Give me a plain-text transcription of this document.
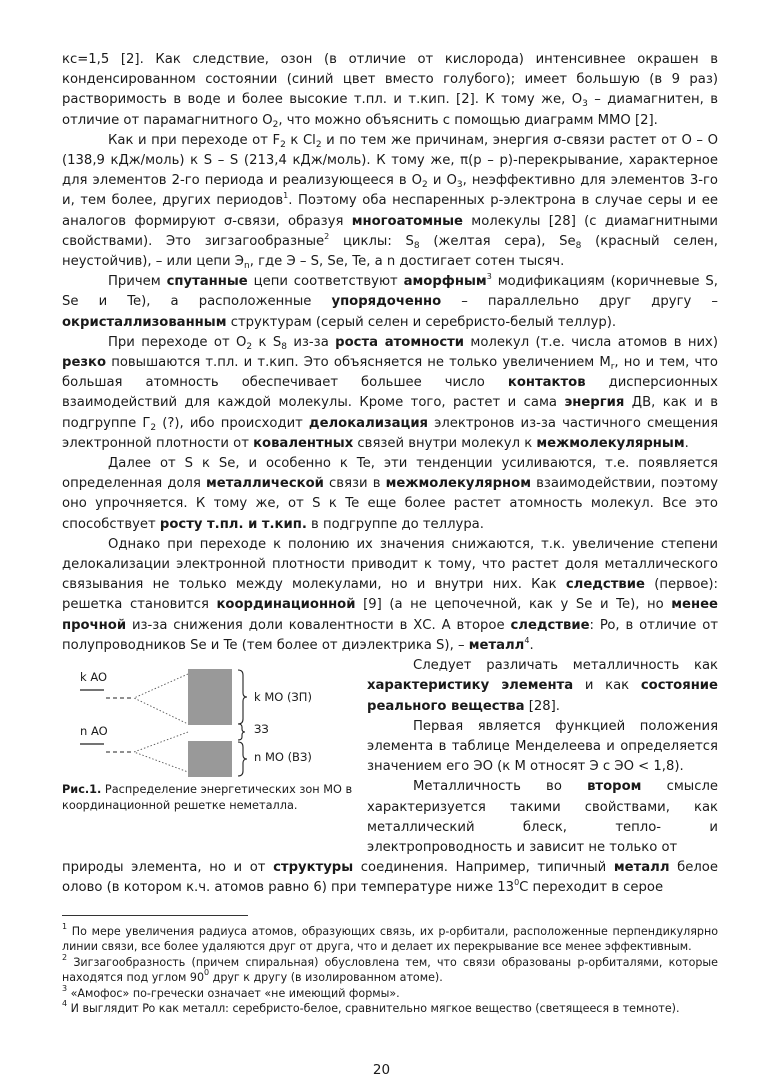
кс=1,5 [2]. Как следствие, озон (в отличие от кислорода) интенсивнее окрашен в конденсированном состоянии (синий цвет вместо голубого); имеет большую (в 9 раз) растворимость в воде и более высокие т.пл. и т.кип. [2]. К тому же, $O_3$ – диамагнитен, в отличие от парамагнитного $O_2$, что можно объяснить с помощью диаграмм ММО [2].

Как и при переходе от $F_2$ к $Cl_2$ и по тем же причинам, энергия σ-связи растет от O – O (138,9 кДж/моль) к S – S (213,4 кДж/моль). К тому же, π(p – p)-перекрывание, характерное для элементов 2-го периода и реализующееся в $O_2$ и $O_3$, неэффективно для элементов 3-го и, тем более, других периодов$^1$. Поэтому оба неспаренных p-электрона в случае серы и ее аналогов формируют σ-связи, образуя многоатомные молекулы [28] (с диамагнитными свойствами). Это зигзагообразные$^2$ циклы: $S_8$ (желтая сера), $Se_8$ (красный селен, неустойчив), – или цепи $Э_n$, где Э – S, Se, Te, а n достигает сотен тысяч.

Причем спутанные цепи соответствуют аморфным$^3$ модификациям (коричневые S, Se и Te), а расположенные упорядоченно – параллельно друг другу – окристаллизованным структурам (серый селен и серебристо-белый теллур).

При переходе от $O_2$ к $S_8$ из-за роста атомности молекул (т.е. числа атомов в них) резко повышаются т.пл. и т.кип. Это объясняется не только увеличением $M_r$, но и тем, что большая атомность обеспечивает большее число контактов дисперсионных взаимодействий для каждой молекулы. Кроме того, растет и сама энергия ДВ, как и в подгруппе $Г_2$ (?), ибо происходит делокализация электронов из-за частичного смещения электронной плотности от ковалентных связей внутри молекул к межмолекулярным.

Далее от S к Se, и особенно к Te, эти тенденции усиливаются, т.е. появляется определенная доля металлической связи в межмолекулярном взаимодействии, поэтому оно упрочняется. К тому же, от S к Te еще более растет атомность молекул. Все это способствует росту т.пл. и т.кип. в подгруппе до теллура.

Однако при переходе к полонию их значения снижаются, т.к. увеличение степени делокализации электронной плотности приводит к тому, что растет доля металлического связывания не только между молекулами, но и внутри них. Как следствие (первое): решетка становится координационной [9] (а не цепочечной, как у Se и Te), но менее прочной из-за снижения доли ковалентности в ХС. А второе следствие: Po, в отличие от полупроводников Se и Te (тем более от диэлектрика S), – металл$^4$.

k AO
n AO
k MO (ЗП)
ЗЗ
n MO (ВЗ)

Рис.1. Распределение энергетических зон МО в координационной решетке неметалла.

Следует различать металличность как характеристику элемента и как состояние реального вещества [28].

Первая является функцией положения элемента в таблице Менделеева и определяется значением его ЭО (к M относят Э с ЭО < 1,8).

Металличность во втором смысле характеризуется такими свойствами, как металлический блеск, тепло- и электропроводность и зависит не только от

природы элемента, но и от структуры соединения. Например, типичный металл белое олово (в котором к.ч. атомов равно 6) при температуре ниже $13^0C$ переходит в серое

$^1$ По мере увеличения радиуса атомов, образующих связь, их p-орбитали, расположенные перпендикулярно линии связи, все более удаляются друг от друга, что и делает их перекрывание все менее эффективным.

$^2$ Зигзагообразность (причем спиральная) обусловлена тем, что связи образованы p-орбиталями, которые находятся под углом $90^0$ друг к другу (в изолированном атоме).

$^3$ «Амофос» по-гречески означает «не имеющий формы».

$^4$ И выглядит Po как металл: серебристо-белое, сравнительно мягкое вещество (светящееся в темноте).

20
